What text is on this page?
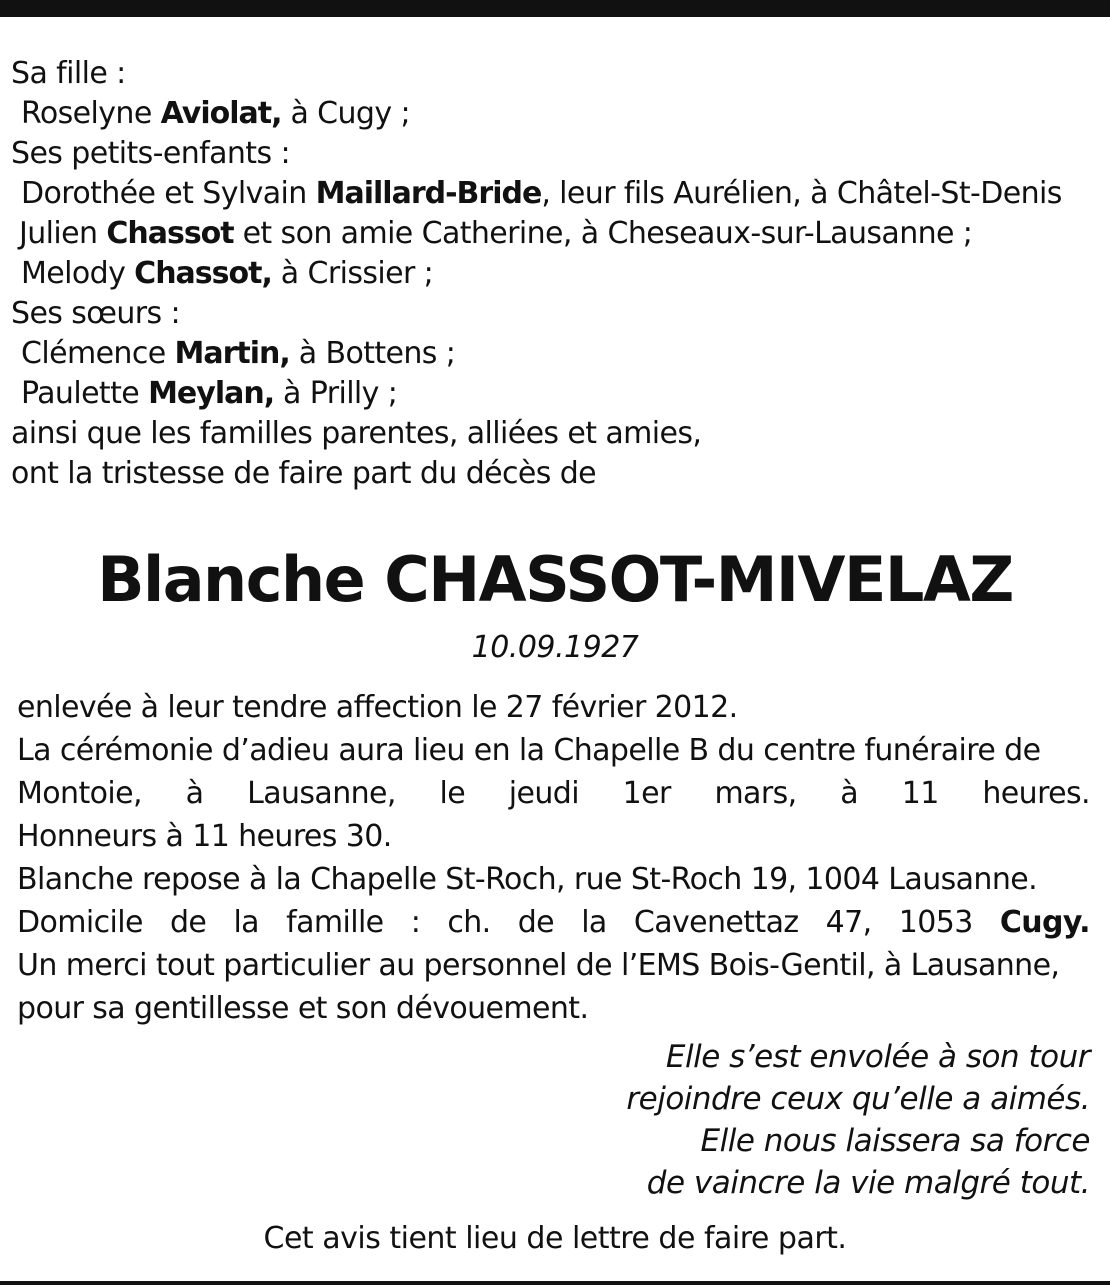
Sa fille :
Roselyne Aviolat, à Cugy ;
Ses petits-enfants :
Dorothée et Sylvain Maillard-Bride, leur fils Aurélien, à Châtel-St-Denis
Julien Chassot et son amie Catherine, à Cheseaux-sur-Lausanne ;
Melody Chassot, à Crissier ;
Ses sœurs :
Clémence Martin, à Bottens ;
Paulette Meylan, à Prilly ;
ainsi que les familles parentes, alliées et amies,
ont la tristesse de faire part du décès de
Blanche CHASSOT-MIVELAZ
10.09.1927
enlevée à leur tendre affection le 27 février 2012.
La cérémonie d’adieu aura lieu en la Chapelle B du centre funéraire de
Montoie, à Lausanne, le jeudi 1er mars, à 11 heures.
Honneurs à 11 heures 30.
Blanche repose à la Chapelle St-Roch, rue St-Roch 19, 1004 Lausanne.
Domicile de la famille : ch. de la Cavenettaz 47, 1053 Cugy.
Un merci tout particulier au personnel de l’EMS Bois-Gentil, à Lausanne,
pour sa gentillesse et son dévouement.
Elle s’est envolée à son tour
rejoindre ceux qu’elle a aimés.
Elle nous laissera sa force
de vaincre la vie malgré tout.
Cet avis tient lieu de lettre de faire part.
